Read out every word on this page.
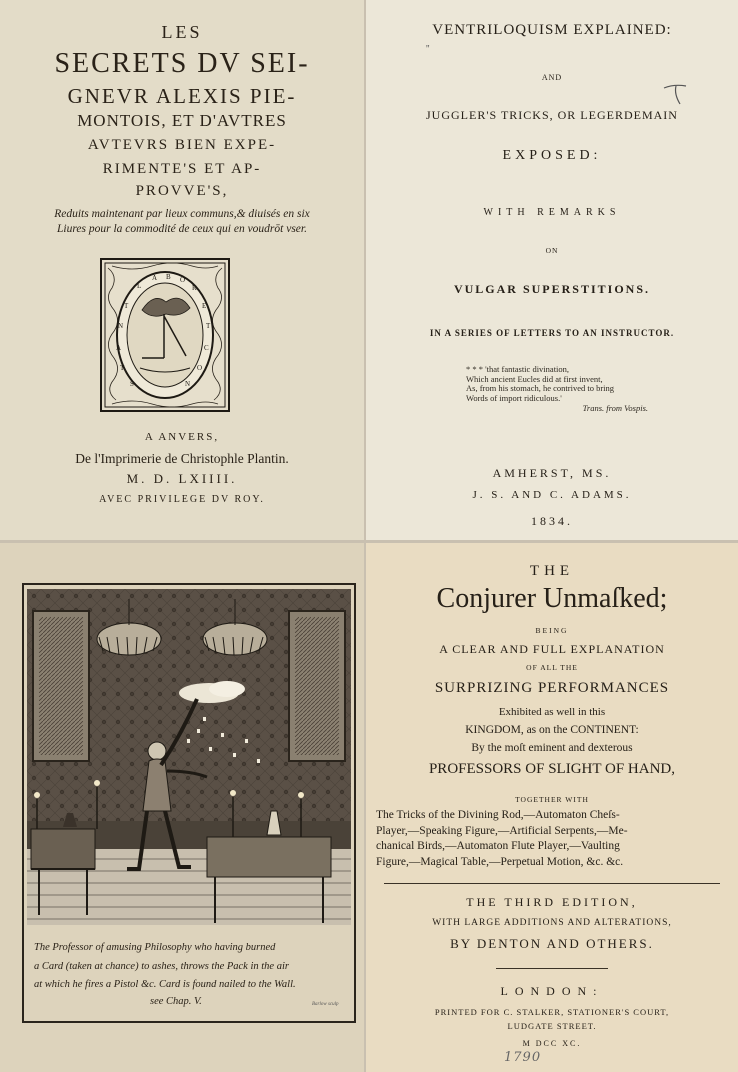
LES
SECRETS DV SEI-
GNEVR ALEXIS PIE-
MONTOIS, ET D'AVTRES
AVTEVRS BIEN EXPE-
RIMENTE'S ET AP-
PROVVE'S,
Reduits maintenant par lieux communs,& diuisés en six
Liures pour la commodité de ceux qui en voudrōt vser.
L
A B O
R
E
T
C
O
N
S
T
A
N
T
A ANVERS,
De l'Imprimerie de Christophle Plantin.
M. D. LXIIII.
AVEC PRIVILEGE DV ROY.
''
VENTRILOQUISM EXPLAINED:
AND
JUGGLER'S TRICKS, OR LEGERDEMAIN
EXPOSED:
WITH REMARKS
ON
VULGAR SUPERSTITIONS.
IN A SERIES OF LETTERS TO AN INSTRUCTOR.
* * * 'that fantastic divination,
Which ancient Eucles did at first invent,
As, from his stomach, he contrived to bring
Words of import ridiculous.'
Trans. from Vospis.
AMHERST, MS.
J. S. AND C. ADAMS.
1834.
The Professor of amusing Philosophy who having burned
a Card (taken at chance) to ashes, throws the Pack in the air
at which he fires a Pistol &c. Card is found nailed to the Wall.
see Chap. V.	Barlow sculp
THE
Conjurer Unmaſked;
BEING
A CLEAR AND FULL EXPLANATION
OF ALL THE
SURPRIZING PERFORMANCES
Exhibited as well in this
KINGDOM, as on the CONTINENT:
By the moſt eminent and dexterous
PROFESSORS OF SLIGHT OF HAND,
TOGETHER WITH
The Tricks of the Divining Rod,—Automaton Cheſs-
Player,—Speaking Figure,—Artificial Serpents,—Me-
chanical Birds,—Automaton Flute Player,—Vaulting
Figure,—Magical Table,—Perpetual Motion, &c. &c.
THE THIRD EDITION,
WITH LARGE ADDITIONS AND ALTERATIONS,
BY DENTON AND OTHERS.
LONDON:
PRINTED FOR C. STALKER, STATIONER'S COURT,
LUDGATE STREET.
M DCC XC.
1790
